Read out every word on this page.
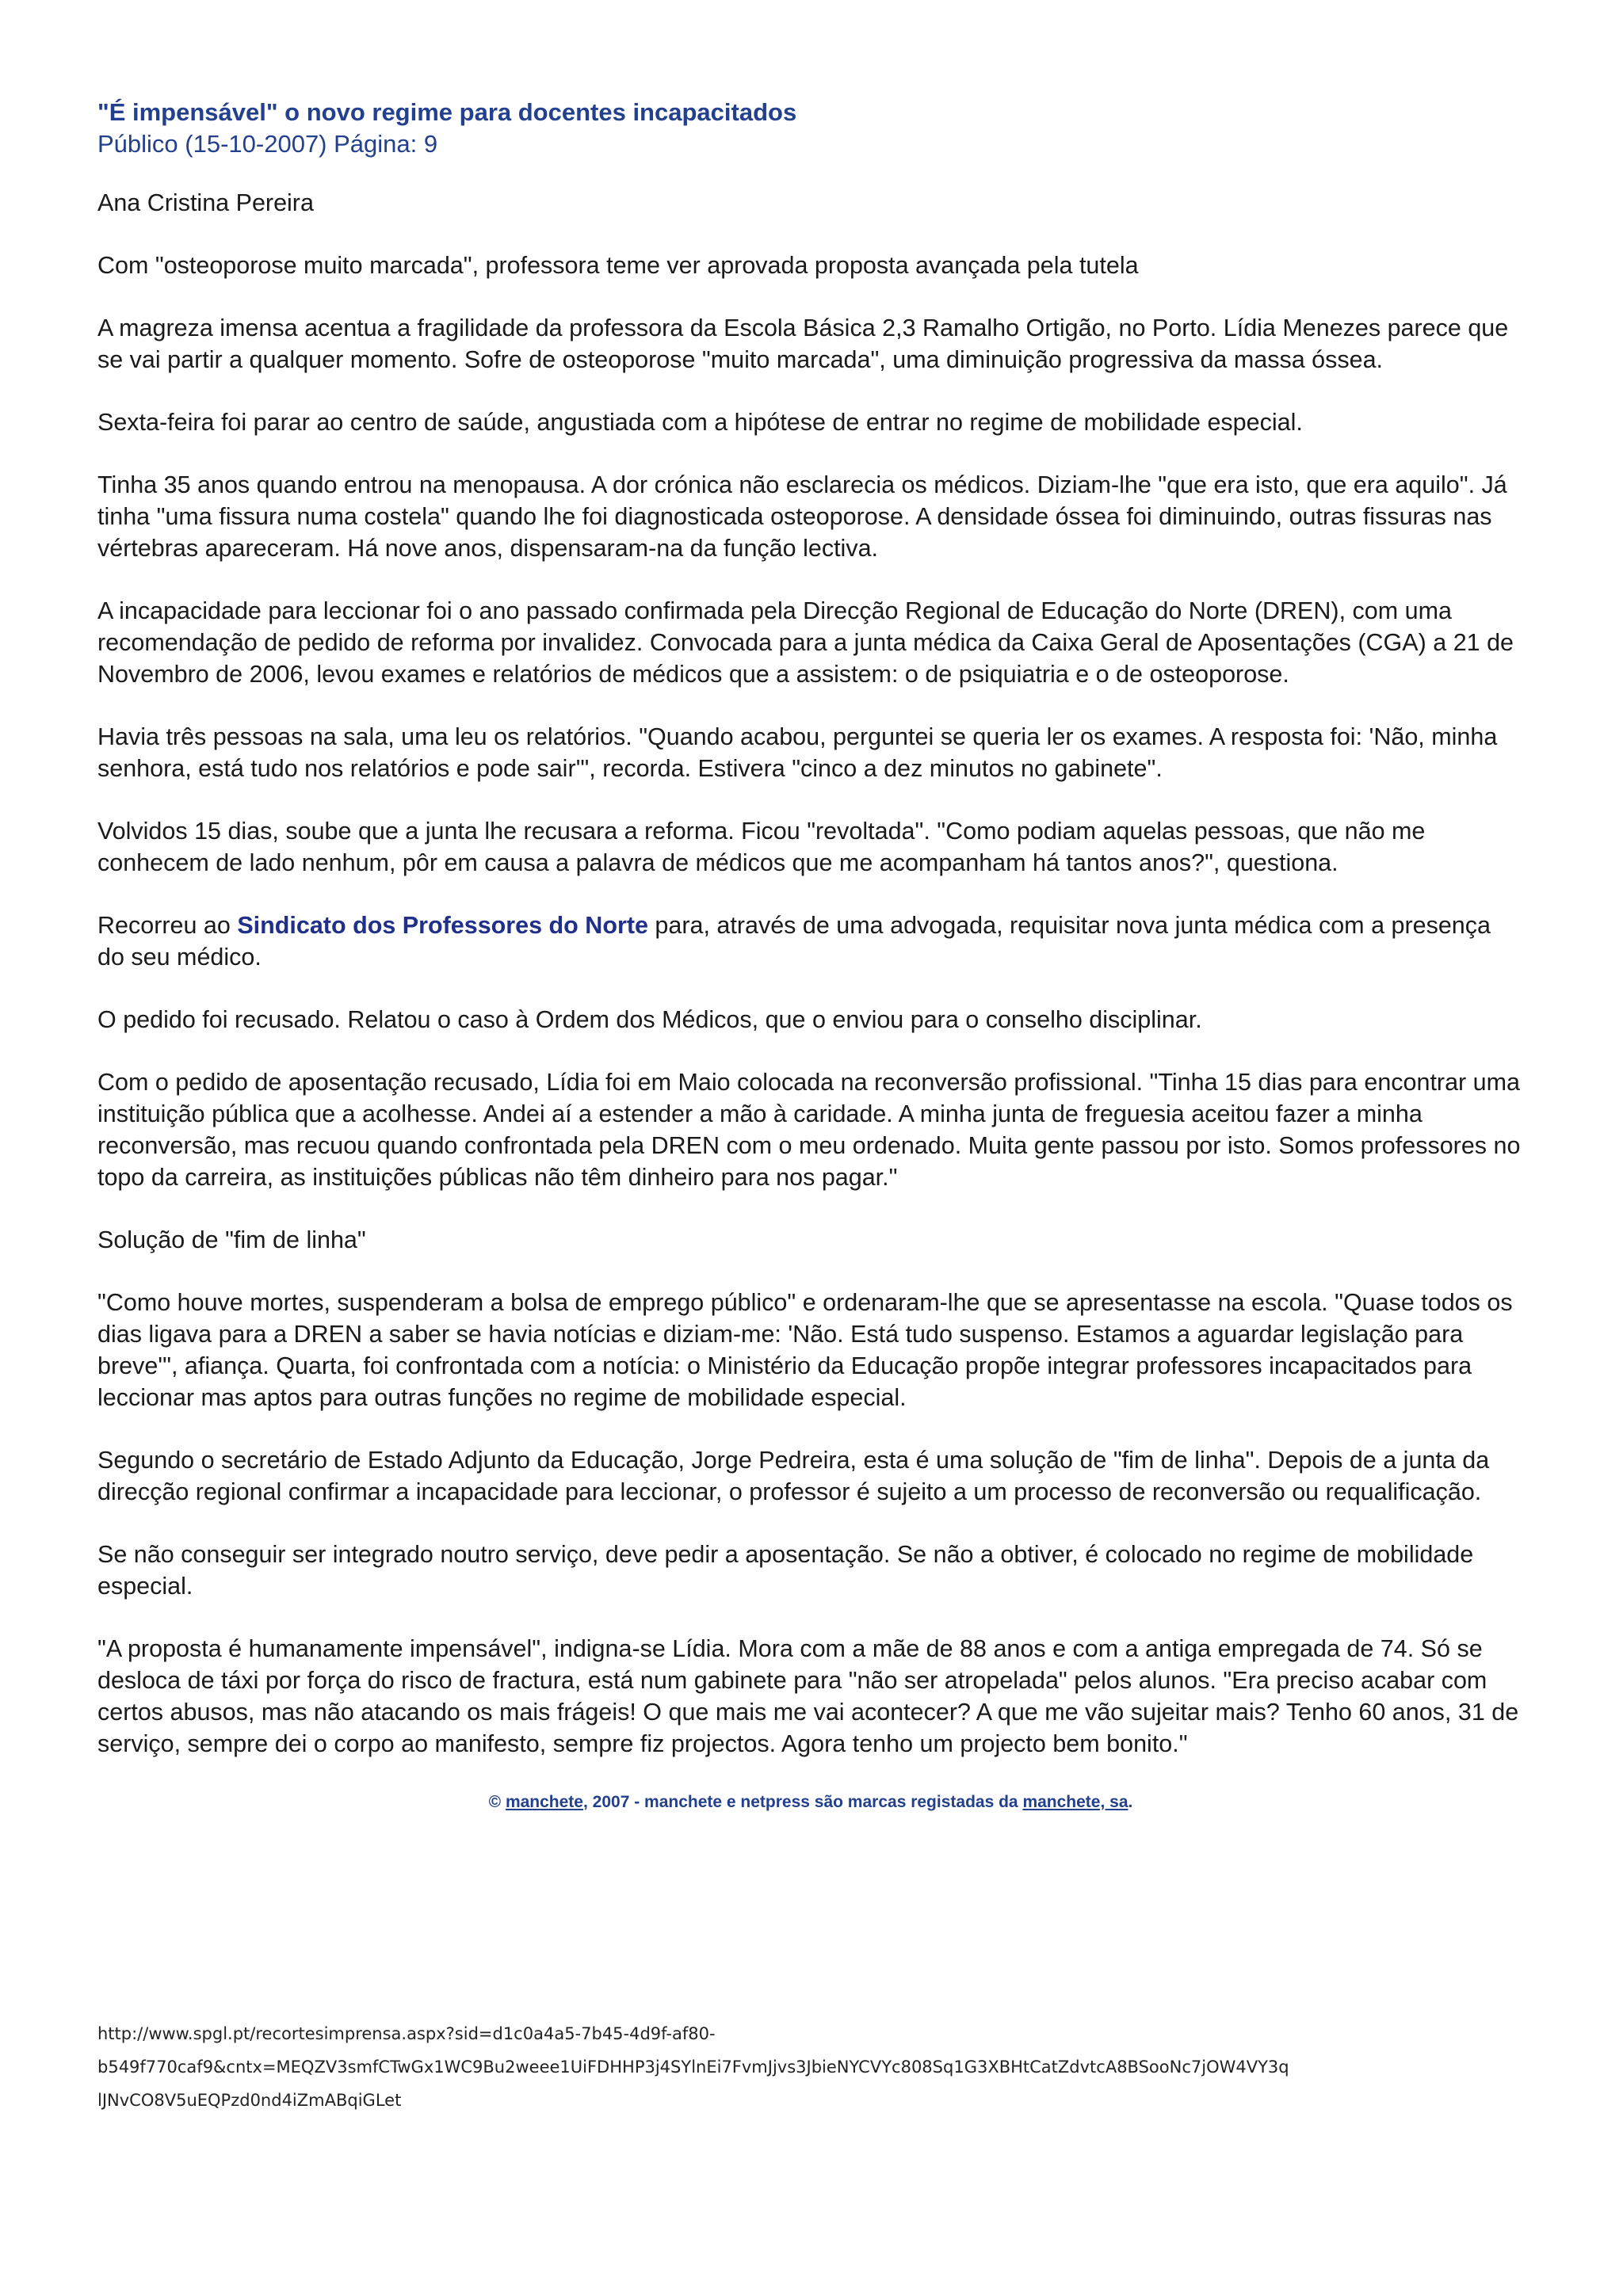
"É impensável" o novo regime para docentes incapacitados

Público (15-10-2007) Página: 9

Ana Cristina Pereira

Com "osteoporose muito marcada", professora teme ver aprovada proposta avançada pela tutela

A magreza imensa acentua a fragilidade da professora da Escola Básica 2,3 Ramalho Ortigão, no Porto. Lídia Menezes parece que se vai partir a qualquer momento. Sofre de osteoporose "muito marcada", uma diminuição progressiva da massa óssea.

Sexta-feira foi parar ao centro de saúde, angustiada com a hipótese de entrar no regime de mobilidade especial.

Tinha 35 anos quando entrou na menopausa. A dor crónica não esclarecia os médicos. Diziam-lhe "que era isto, que era aquilo". Já tinha "uma fissura numa costela" quando lhe foi diagnosticada osteoporose. A densidade óssea foi diminuindo, outras fissuras nas vértebras apareceram. Há nove anos, dispensaram-na da função lectiva.

A incapacidade para leccionar foi o ano passado confirmada pela Direcção Regional de Educação do Norte (DREN), com uma recomendação de pedido de reforma por invalidez. Convocada para a junta médica da Caixa Geral de Aposentações (CGA) a 21 de Novembro de 2006, levou exames e relatórios de médicos que a assistem: o de psiquiatria e o de osteoporose.

Havia três pessoas na sala, uma leu os relatórios. "Quando acabou, perguntei se queria ler os exames. A resposta foi: 'Não, minha senhora, está tudo nos relatórios e pode sair'", recorda. Estivera "cinco a dez minutos no gabinete".

Volvidos 15 dias, soube que a junta lhe recusara a reforma. Ficou "revoltada". "Como podiam aquelas pessoas, que não me conhecem de lado nenhum, pôr em causa a palavra de médicos que me acompanham há tantos anos?", questiona.

Recorreu ao Sindicato dos Professores do Norte para, através de uma advogada, requisitar nova junta médica com a presença do seu médico.

O pedido foi recusado. Relatou o caso à Ordem dos Médicos, que o enviou para o conselho disciplinar.

Com o pedido de aposentação recusado, Lídia foi em Maio colocada na reconversão profissional. "Tinha 15 dias para encontrar uma instituição pública que a acolhesse. Andei aí a estender a mão à caridade. A minha junta de freguesia aceitou fazer a minha reconversão, mas recuou quando confrontada pela DREN com o meu ordenado. Muita gente passou por isto. Somos professores no topo da carreira, as instituições públicas não têm dinheiro para nos pagar."

Solução de "fim de linha"

"Como houve mortes, suspenderam a bolsa de emprego público" e ordenaram-lhe que se apresentasse na escola. "Quase todos os dias ligava para a DREN a saber se havia notícias e diziam-me: 'Não. Está tudo suspenso. Estamos a aguardar legislação para breve'", afiança. Quarta, foi confrontada com a notícia: o Ministério da Educação propõe integrar professores incapacitados para leccionar mas aptos para outras funções no regime de mobilidade especial.

Segundo o secretário de Estado Adjunto da Educação, Jorge Pedreira, esta é uma solução de "fim de linha". Depois de a junta da direcção regional confirmar a incapacidade para leccionar, o professor é sujeito a um processo de reconversão ou requalificação.

Se não conseguir ser integrado noutro serviço, deve pedir a aposentação. Se não a obtiver, é colocado no regime de mobilidade especial.

"A proposta é humanamente impensável", indigna-se Lídia. Mora com a mãe de 88 anos e com a antiga empregada de 74. Só se desloca de táxi por força do risco de fractura, está num gabinete para "não ser atropelada" pelos alunos. "Era preciso acabar com certos abusos, mas não atacando os mais frágeis! O que mais me vai acontecer? A que me vão sujeitar mais? Tenho 60 anos, 31 de serviço, sempre dei o corpo ao manifesto, sempre fiz projectos. Agora tenho um projecto bem bonito."

© manchete, 2007 - manchete e netpress são marcas registadas da manchete, sa.
http://www.spgl.pt/recortesimprensa.aspx?sid=d1c0a4a5-7b45-4d9f-af80-
b549f770caf9&cntx=MEQZV3smfCTwGx1WC9Bu2weee1UiFDHHP3j4SYlnEi7FvmJjvs3JbieNYCVYc808Sq1G3XBHtCatZdvtcA8BSooNc7jOW4VY3q
lJNvCO8V5uEQPzd0nd4iZmABqiGLet
